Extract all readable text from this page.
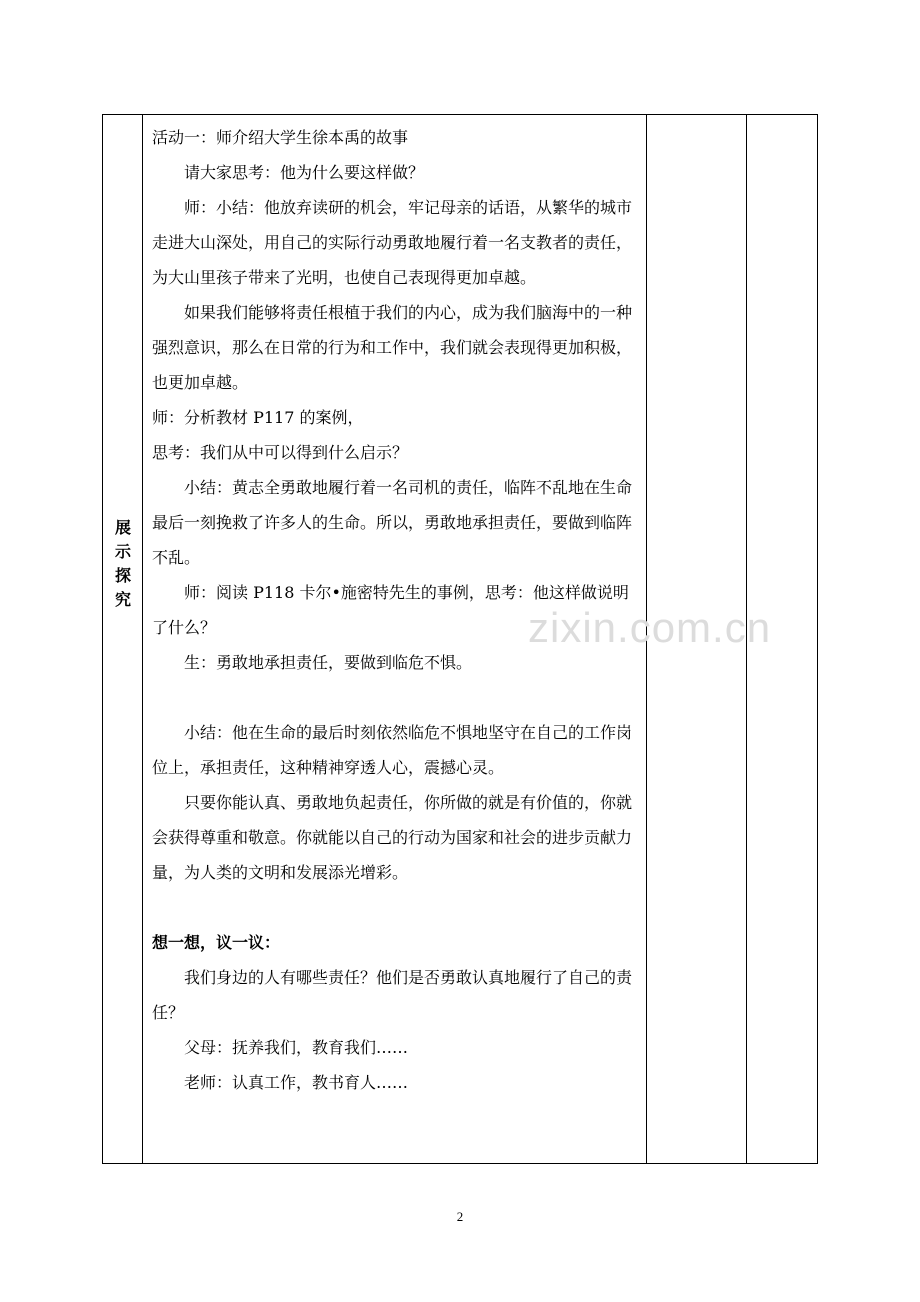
展示探究

活动一：师介绍大学生徐本禹的故事

请大家思考：他为什么要这样做？

师：小结：他放弃读研的机会，牢记母亲的话语，从繁华的城市走进大山深处，用自己的实际行动勇敢地履行着一名支教者的责任，为大山里孩子带来了光明，也使自己表现得更加卓越。

如果我们能够将责任根植于我们的内心，成为我们脑海中的一种强烈意识，那么在日常的行为和工作中，我们就会表现得更加积极，也更加卓越。

师：分析教材 P117 的案例，

思考：我们从中可以得到什么启示？

小结：黄志全勇敢地履行着一名司机的责任，临阵不乱地在生命最后一刻挽救了许多人的生命。所以，勇敢地承担责任，要做到临阵不乱。

师：阅读 P118 卡尔•施密特先生的事例，思考：他这样做说明了什么？

生：勇敢地承担责任，要做到临危不惧。

小结：他在生命的最后时刻依然临危不惧地坚守在自己的工作岗位上，承担责任，这种精神穿透人心，震撼心灵。

只要你能认真、勇敢地负起责任，你所做的就是有价值的，你就会获得尊重和敬意。你就能以自己的行动为国家和社会的进步贡献力量，为人类的文明和发展添光增彩。

想一想，议一议：

我们身边的人有哪些责任？他们是否勇敢认真地履行了自己的责任？

父母：抚养我们，教育我们……

老师：认真工作，教书育人……

zixin.com.cn
2
